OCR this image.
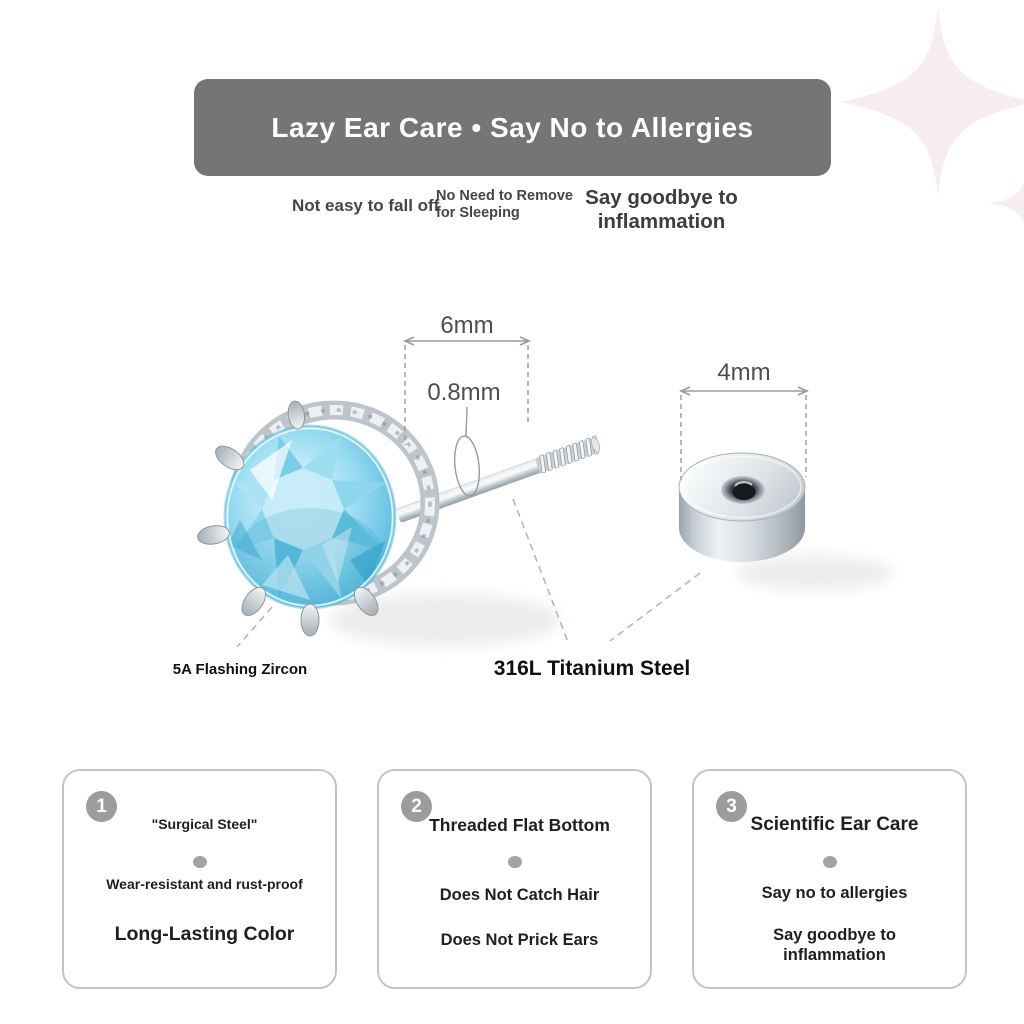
Lazy Ear Care • Say No to Allergies
Not easy to fall off
No Need to Remove for Sleeping
Say goodbye to inflammation
6mm
0.8mm
4mm
5A Flashing Zircon	316L Titanium Steel
1
"Surgical Steel"
Wear-resistant and rust-proof
Long-Lasting Color
2
Threaded Flat Bottom
Does Not Catch Hair
Does Not Prick Ears
3
Scientific Ear Care
Say no to allergies
Say goodbye to inflammation
